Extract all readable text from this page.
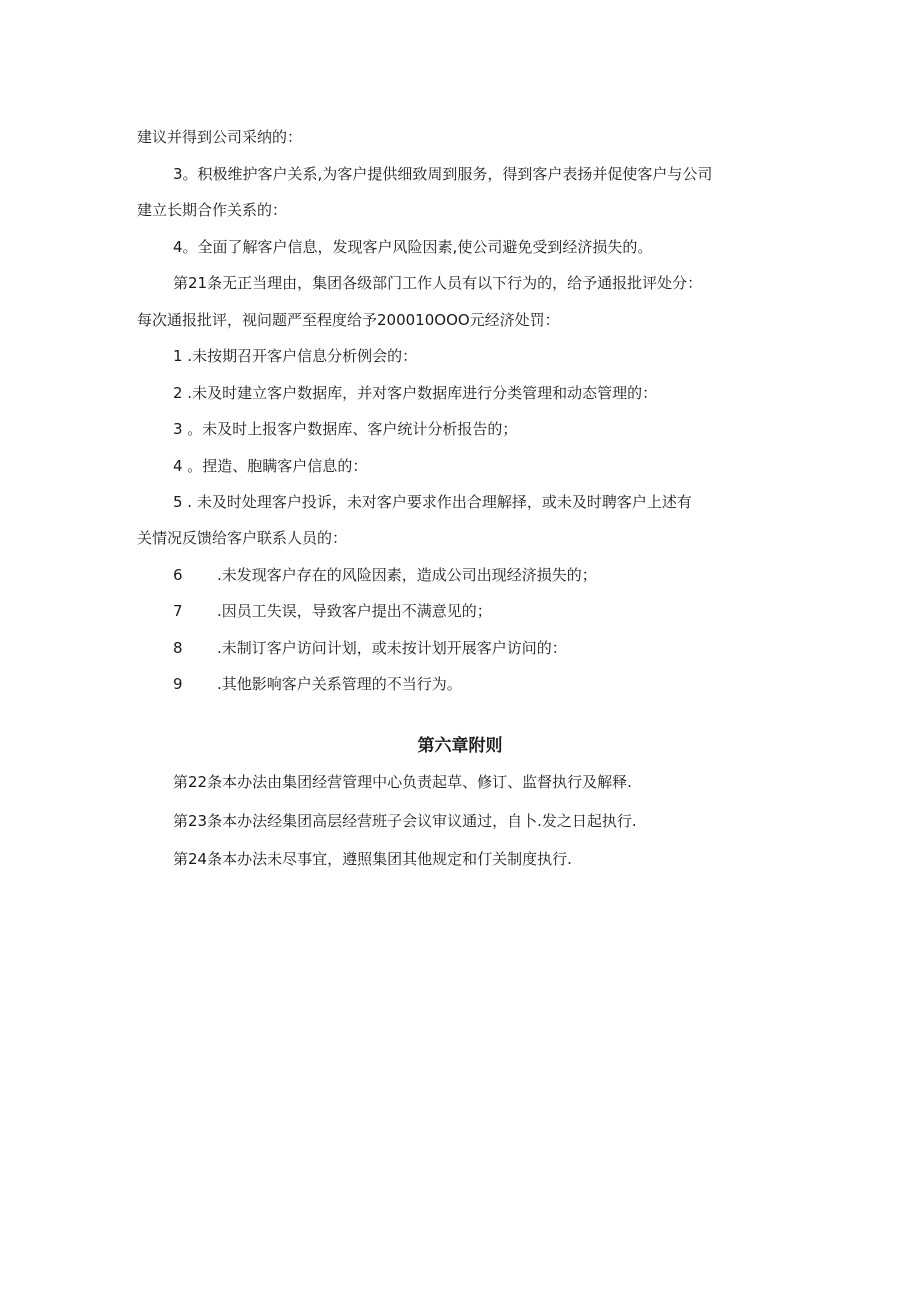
建议并得到公司采纳的：
3。积极维护客户关系,为客户提供细致周到服务，得到客户表扬并促使客户与公司
建立长期合作关系的：
4。全面了解客户信息，发现客户风险因素,使公司避免受到经济损失的。
第21条无正当理由，集团各级部门工作人员有以下行为的，给予通报批评处分：
每次通报批评，视问题严至程度给予200010OOO元经济处罚：
1 .未按期召开客户信息分析例会的：
2 .未及时建立客户数据库，并对客户数据库进行分类管理和动态管理的：
3 。未及时上报客户数据库、客户统计分析报告的；
4 。捏造、胞瞒客户信息的：
5 . 未及时处理客户投诉，未对客户要求作出合理解择，或未及时聘客户上述有
关情况反馈给客户联系人员的：
6 .未发现客户存在的风险因素，造成公司出现经济损失的；
7 .因员工失误，导致客户提出不满意见的；
8 .未制订客户访问计划，或未按计划开展客户访问的：
9 .其他影响客户关系管理的不当行为。
第六章附则
第22条本办法由集团经营管理中心负责起草、修订、监督执行及解释.
第23条本办法经集团高层经营班子会议审议通过，自卜.发之日起执行.
第24条本办法未尽事宜，遵照集团其他规定和仃关制度执行.
